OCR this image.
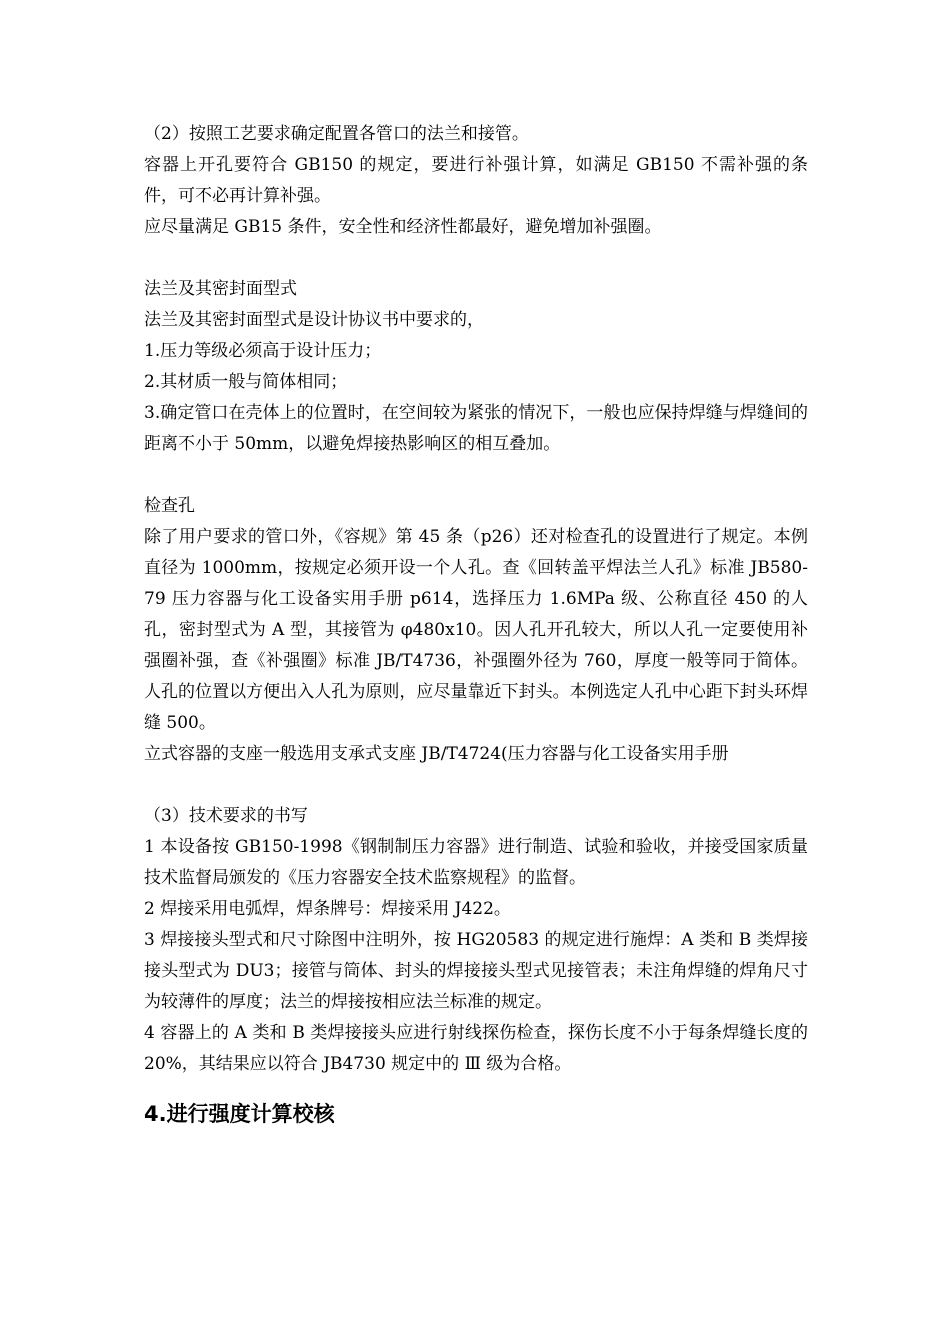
（2）按照工艺要求确定配置各管口的法兰和接管。

容器上开孔要符合 GB150 的规定，要进行补强计算，如满足 GB150 不需补强的条件，可不必再计算补强。

应尽量满足 GB15 条件，安全性和经济性都最好，避免增加补强圈。

法兰及其密封面型式

法兰及其密封面型式是设计协议书中要求的，

1.压力等级必须高于设计压力；

2.其材质一般与简体相同；

3.确定管口在壳体上的位置时，在空间较为紧张的情况下，一般也应保持焊缝与焊缝间的距离不小于 50mm，以避免焊接热影响区的相互叠加。

检查孔

除了用户要求的管口外，《容规》第 45 条（p26）还对检查孔的设置进行了规定。本例直径为 1000mm，按规定必须开设一个人孔。查《回转盖平焊法兰人孔》标准 JB580-79 压力容器与化工设备实用手册 p614，选择压力 1.6MPa 级、公称直径 450 的人孔，密封型式为 A 型，其接管为 φ480x10。因人孔开孔较大，所以人孔一定要使用补强圈补强，查《补强圈》标准 JB/T4736，补强圈外径为 760，厚度一般等同于简体。人孔的位置以方便出入人孔为原则，应尽量靠近下封头。本例选定人孔中心距下封头环焊缝 500。

立式容器的支座一般选用支承式支座 JB/T4724(压力容器与化工设备实用手册

（3）技术要求的书写

1 本设备按 GB150-1998《钢制制压力容器》进行制造、试验和验收，并接受国家质量技术监督局颁发的《压力容器安全技术监察规程》的监督。

2 焊接采用电弧焊，焊条牌号：焊接采用 J422。

3 焊接接头型式和尺寸除图中注明外，按 HG20583 的规定进行施焊：A 类和 B 类焊接接头型式为 DU3；接管与筒体、封头的焊接接头型式见接管表；未注角焊缝的焊角尺寸为较薄件的厚度；法兰的焊接按相应法兰标准的规定。

4 容器上的 A 类和 B 类焊接接头应进行射线探伤检查，探伤长度不小于每条焊缝长度的 20%，其结果应以符合 JB4730 规定中的 Ⅲ 级为合格。

4.进行强度计算校核
